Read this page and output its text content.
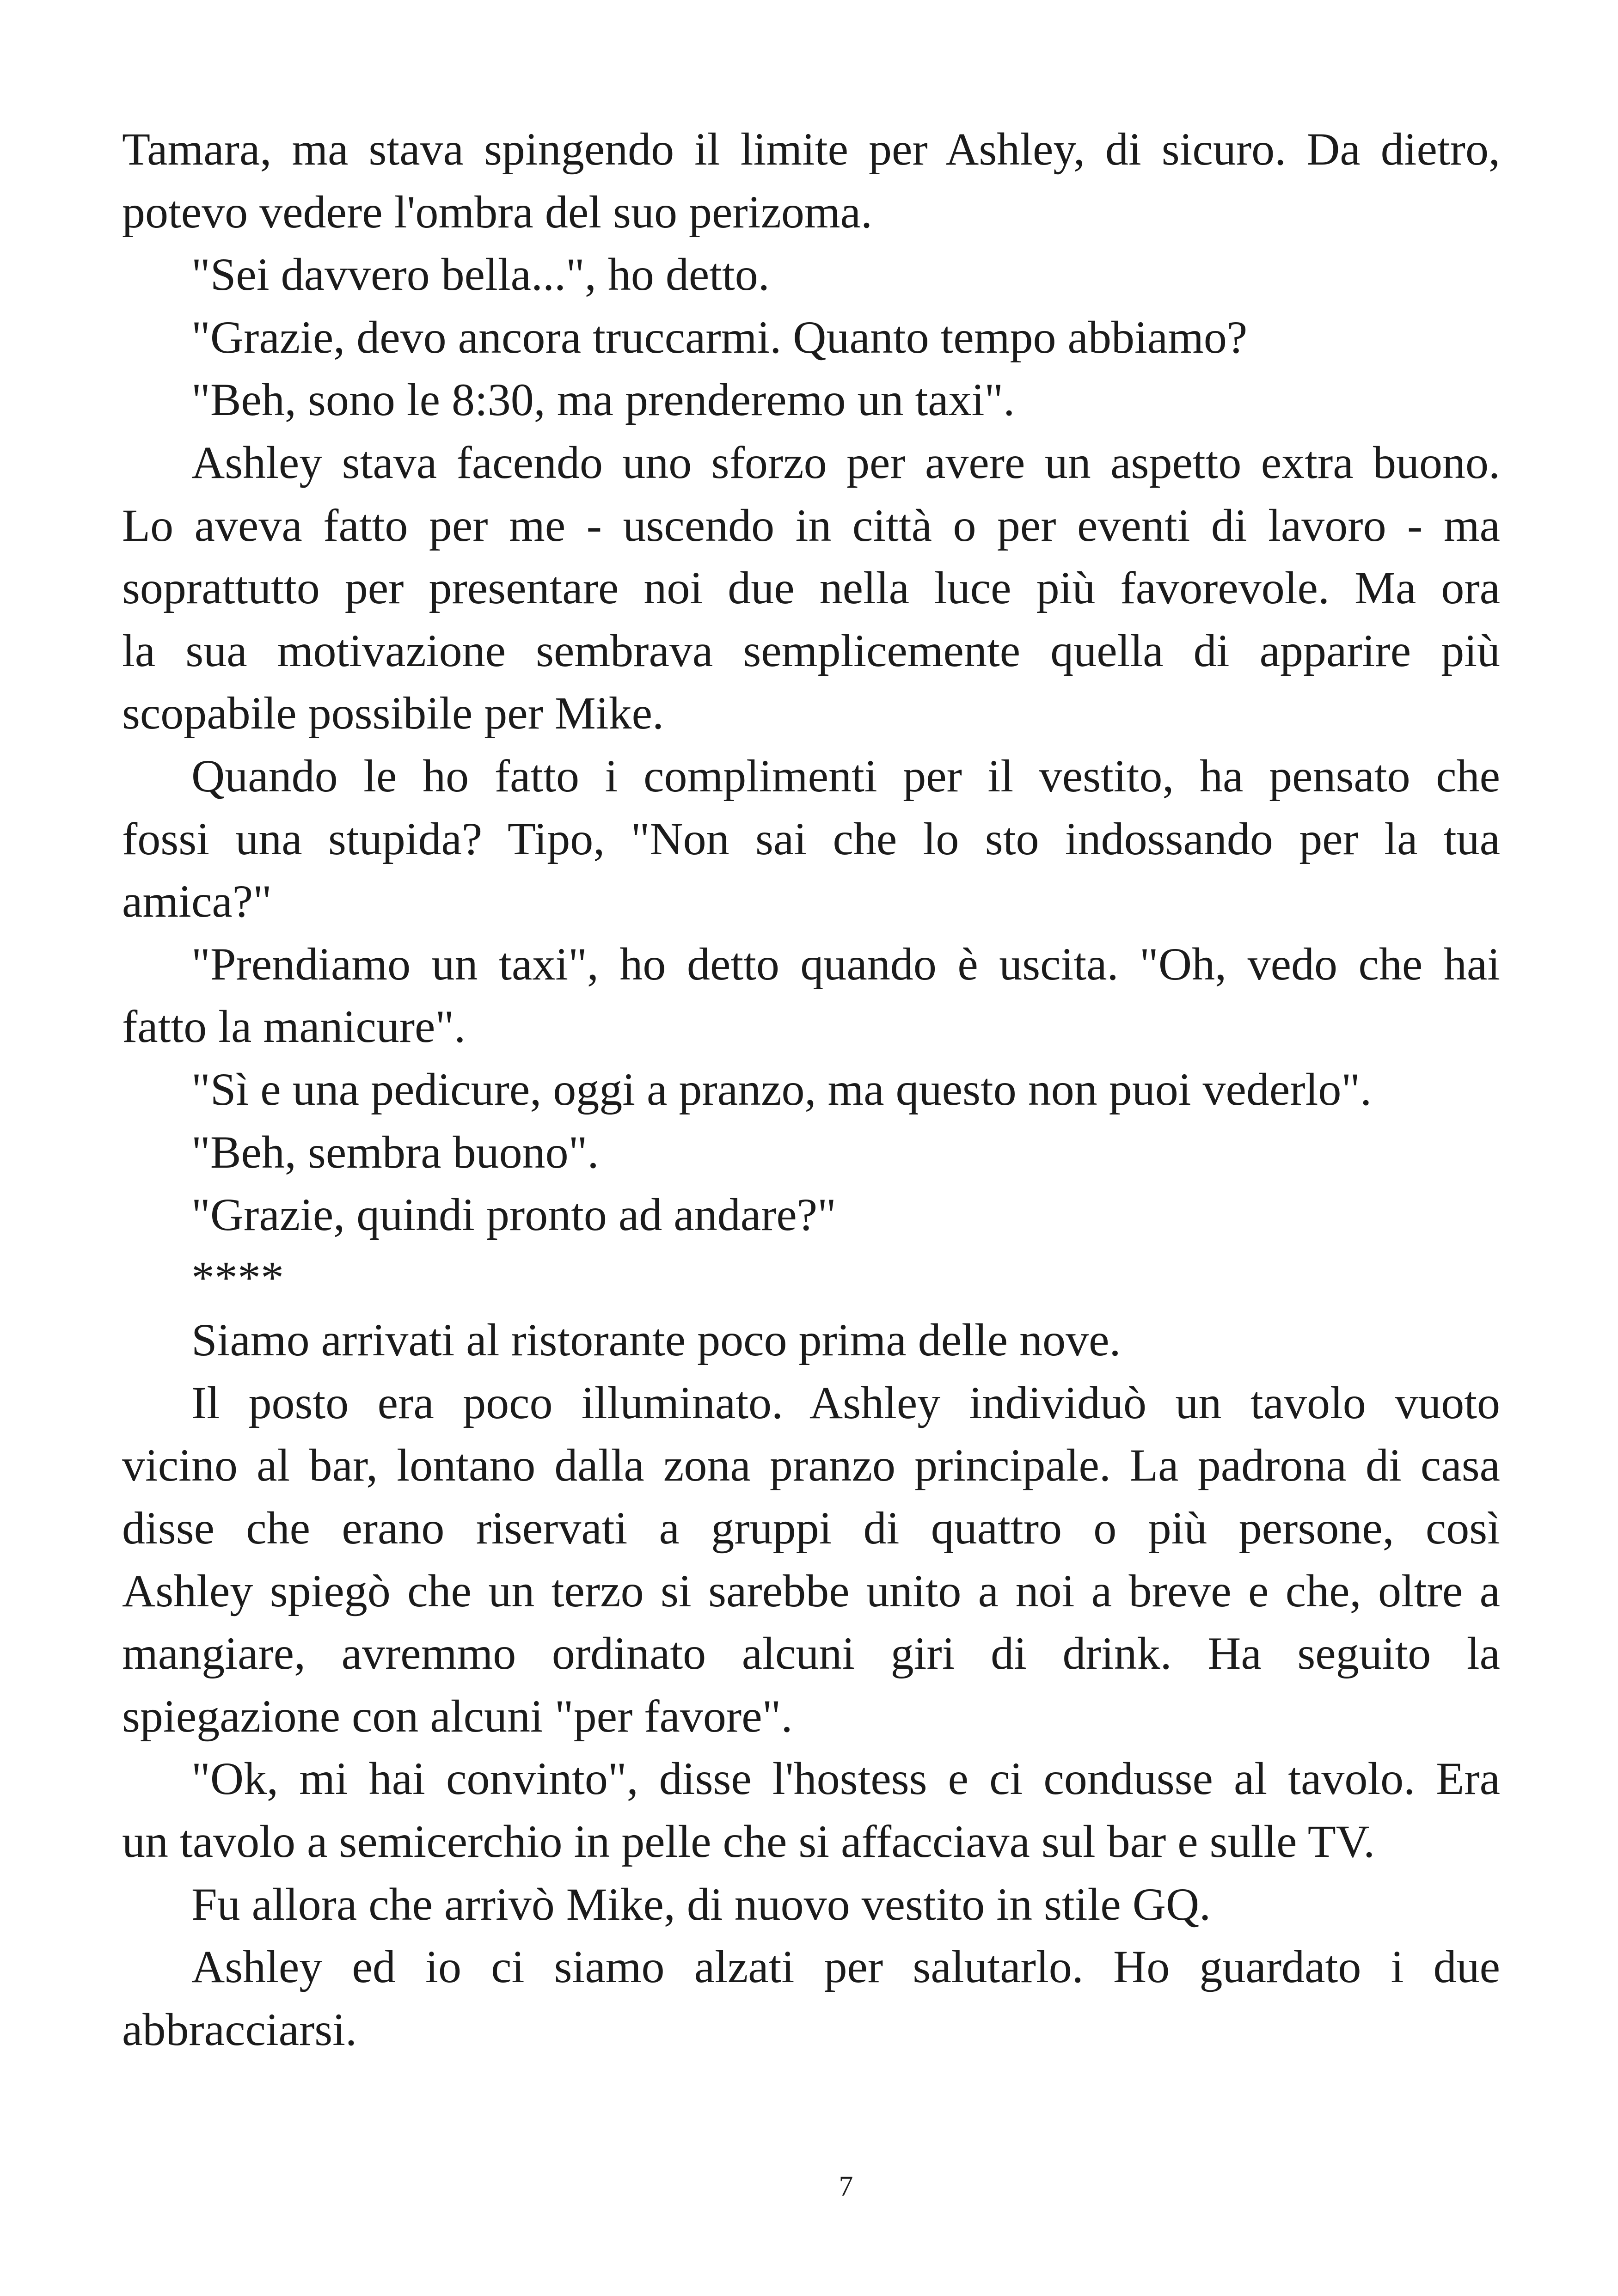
Tamara, ma stava spingendo il limite per Ashley, di sicuro. Da dietro,
potevo vedere l'ombra del suo perizoma.
"Sei davvero bella...", ho detto.
"Grazie, devo ancora truccarmi. Quanto tempo abbiamo?
"Beh, sono le 8:30, ma prenderemo un taxi".
Ashley stava facendo uno sforzo per avere un aspetto extra buono.
Lo aveva fatto per me - uscendo in città o per eventi di lavoro - ma
soprattutto per presentare noi due nella luce più favorevole. Ma ora
la sua motivazione sembrava semplicemente quella di apparire più
scopabile possibile per Mike.
Quando le ho fatto i complimenti per il vestito, ha pensato che
fossi una stupida? Tipo, "Non sai che lo sto indossando per la tua
amica?"
"Prendiamo un taxi", ho detto quando è uscita. "Oh, vedo che hai
fatto la manicure".
"Sì e una pedicure, oggi a pranzo, ma questo non puoi vederlo".
"Beh, sembra buono".
"Grazie, quindi pronto ad andare?"
****
Siamo arrivati al ristorante poco prima delle nove.
Il posto era poco illuminato. Ashley individuò un tavolo vuoto
vicino al bar, lontano dalla zona pranzo principale. La padrona di casa
disse che erano riservati a gruppi di quattro o più persone, così
Ashley spiegò che un terzo si sarebbe unito a noi a breve e che, oltre a
mangiare, avremmo ordinato alcuni giri di drink. Ha seguito la
spiegazione con alcuni "per favore".
"Ok, mi hai convinto", disse l'hostess e ci condusse al tavolo. Era
un tavolo a semicerchio in pelle che si affacciava sul bar e sulle TV.
Fu allora che arrivò Mike, di nuovo vestito in stile GQ.
Ashley ed io ci siamo alzati per salutarlo. Ho guardato i due
abbracciarsi.
7
